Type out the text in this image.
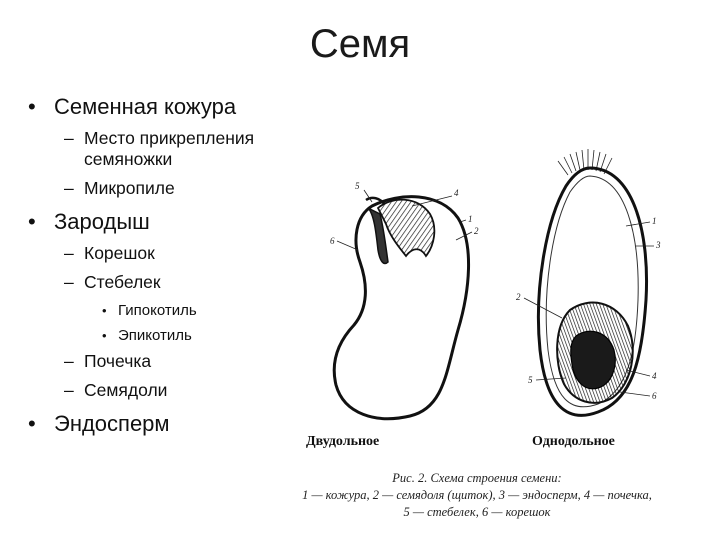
Семя
• Семенная кожура
– Место прикрепления семяножки
– Микропиле
• Зародыш
– Корешок
– Стебелек
• Гипокотиль
• Эпикотиль
– Почечка
– Семядоли
• Эндосперм
5
4
6
1
2
1
3
2
5	4
6
Двудольное	Однодольное
Рис. 2. Схема строения семени:
1 — кожура, 2 — семядоля (щиток), 3 — эндосперм, 4 — почечка,
5 — стебелек, 6 — корешок
